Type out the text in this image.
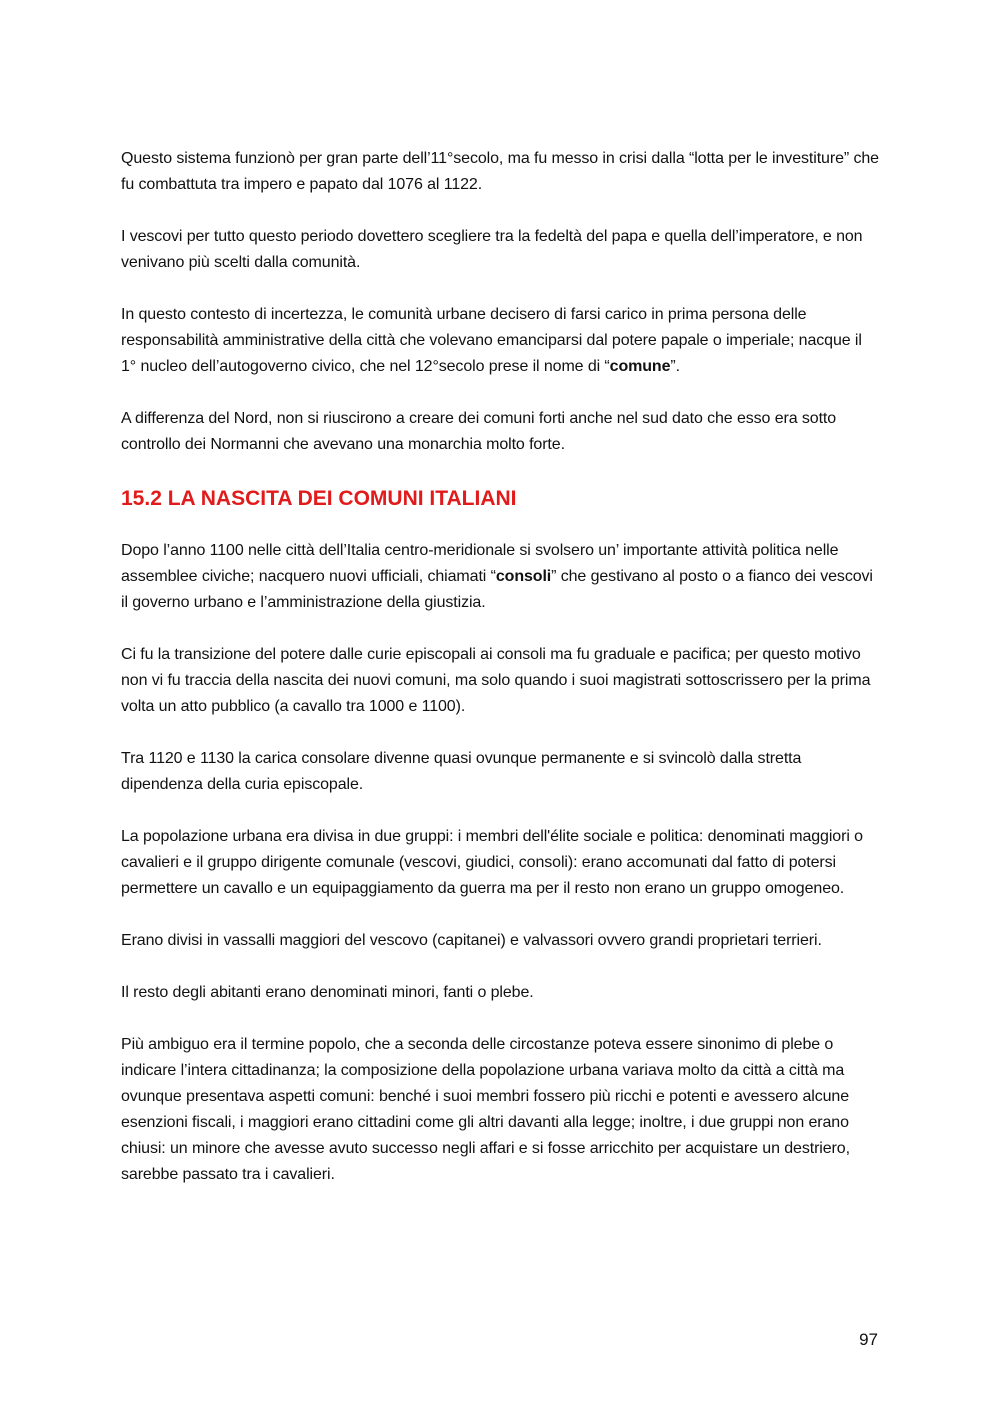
Questo sistema funzionò per gran parte dell’11°secolo, ma fu messo in crisi dalla “lotta per le investiture” che fu combattuta tra impero e papato dal 1076 al 1122.

I vescovi per tutto questo periodo dovettero scegliere tra la fedeltà del papa e quella dell’imperatore, e non venivano più scelti dalla comunità.

In questo contesto di incertezza, le comunità urbane decisero di farsi carico in prima persona delle responsabilità amministrative della città che volevano emanciparsi dal potere papale o imperiale; nacque il 1° nucleo dell’autogoverno civico, che nel 12°secolo prese il nome di “comune”.

A differenza del Nord, non si riuscirono a creare dei comuni forti anche nel sud dato che esso era sotto controllo dei Normanni che avevano una monarchia molto forte.

15.2 LA NASCITA DEI COMUNI ITALIANI

Dopo l’anno 1100 nelle città dell’Italia centro-meridionale si svolsero un’ importante attività politica nelle assemblee civiche; nacquero nuovi ufficiali, chiamati “consoli” che gestivano al posto o a fianco dei vescovi il governo urbano e l’amministrazione della giustizia.

Ci fu la transizione del potere dalle curie episcopali ai consoli ma fu graduale e pacifica; per questo motivo non vi fu traccia della nascita dei nuovi comuni, ma solo quando i suoi magistrati sottoscrissero per la prima volta un atto pubblico (a cavallo tra 1000 e 1100).

Tra 1120 e 1130 la carica consolare divenne quasi ovunque permanente e si svincolò dalla stretta dipendenza della curia episcopale.

La popolazione urbana era divisa in due gruppi: i membri dell'élite sociale e politica: denominati maggiori o cavalieri e il gruppo dirigente comunale (vescovi, giudici, consoli): erano accomunati dal fatto di potersi permettere un cavallo e un equipaggiamento da guerra ma per il resto non erano un gruppo omogeneo.

Erano divisi in vassalli maggiori del vescovo (capitanei) e valvassori ovvero grandi proprietari terrieri.

Il resto degli abitanti erano denominati minori, fanti o plebe.

Più ambiguo era il termine popolo, che a seconda delle circostanze poteva essere sinonimo di plebe o indicare l’intera cittadinanza; la composizione della popolazione urbana variava molto da città a città ma ovunque presentava aspetti comuni: benché i suoi membri fossero più ricchi e potenti e avessero alcune esenzioni fiscali, i maggiori erano cittadini come gli altri davanti alla legge; inoltre, i due gruppi non erano chiusi: un minore che avesse avuto successo negli affari e si fosse arricchito per acquistare un destriero, sarebbe passato tra i cavalieri.

97
